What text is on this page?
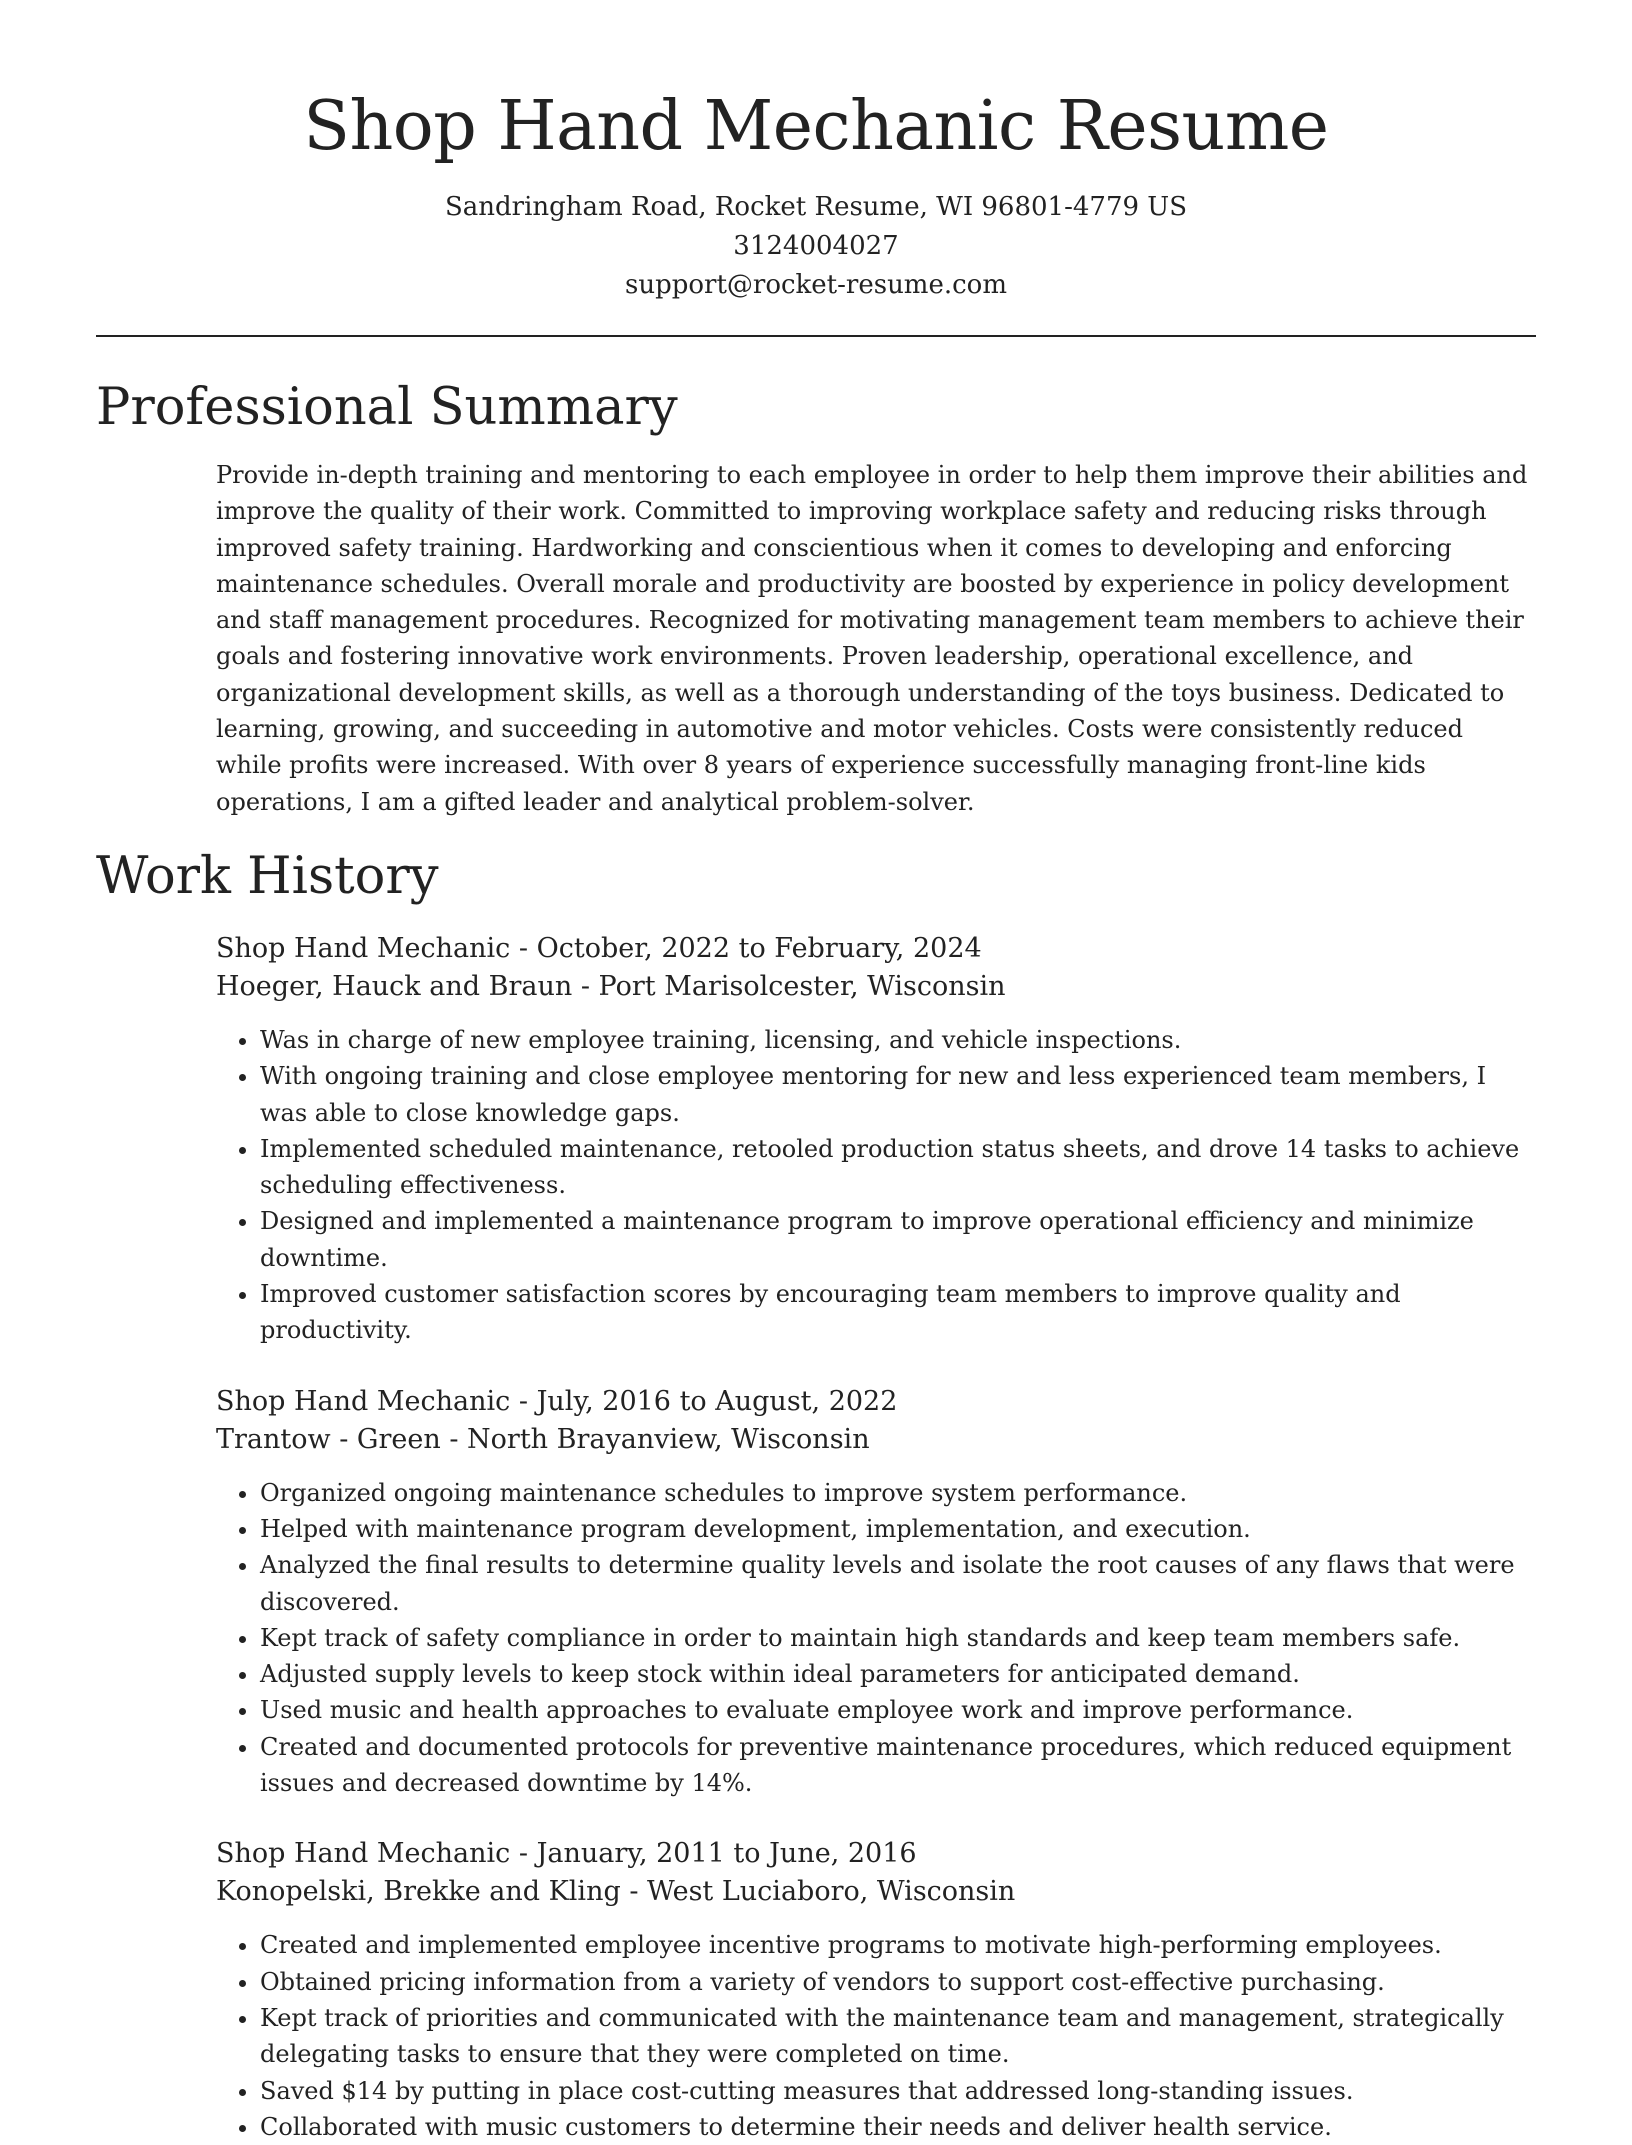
Shop Hand Mechanic Resume
Sandringham Road, Rocket Resume, WI 96801-4779 US
3124004027
support@rocket-resume.com
Professional Summary

Provide in-depth training and mentoring to each employee in order to help them improve their abilities and improve the quality of their work. Committed to improving workplace safety and reducing risks through improved safety training. Hardworking and conscientious when it comes to developing and enforcing maintenance schedules. Overall morale and productivity are boosted by experience in policy development and staff management procedures. Recognized for motivating management team members to achieve their goals and fostering innovative work environments. Proven leadership, operational excellence, and organizational development skills, as well as a thorough understanding of the toys business. Dedicated to learning, growing, and succeeding in automotive and motor vehicles. Costs were consistently reduced while profits were increased. With over 8 years of experience successfully managing front-line kids operations, I am a gifted leader and analytical problem-solver.

Work History
Shop Hand Mechanic - October, 2022 to February, 2024
Hoeger, Hauck and Braun - Port Marisolcester, Wisconsin
• Was in charge of new employee training, licensing, and vehicle inspections.
• With ongoing training and close employee mentoring for new and less experienced team members, I was able to close knowledge gaps.
• Implemented scheduled maintenance, retooled production status sheets, and drove 14 tasks to achieve scheduling effectiveness.
• Designed and implemented a maintenance program to improve operational efficiency and minimize downtime.
• Improved customer satisfaction scores by encouraging team members to improve quality and productivity.
Shop Hand Mechanic - July, 2016 to August, 2022
Trantow - Green - North Brayanview, Wisconsin
• Organized ongoing maintenance schedules to improve system performance.
• Helped with maintenance program development, implementation, and execution.
• Analyzed the final results to determine quality levels and isolate the root causes of any flaws that were discovered.
• Kept track of safety compliance in order to maintain high standards and keep team members safe.
• Adjusted supply levels to keep stock within ideal parameters for anticipated demand.
• Used music and health approaches to evaluate employee work and improve performance.
• Created and documented protocols for preventive maintenance procedures, which reduced equipment issues and decreased downtime by 14%.
Shop Hand Mechanic - January, 2011 to June, 2016
Konopelski, Brekke and Kling - West Luciaboro, Wisconsin
• Created and implemented employee incentive programs to motivate high-performing employees.
• Obtained pricing information from a variety of vendors to support cost-effective purchasing.
• Kept track of priorities and communicated with the maintenance team and management, strategically delegating tasks to ensure that they were completed on time.
• Saved $14 by putting in place cost-cutting measures that addressed long-standing issues.
• Collaborated with music customers to determine their needs and deliver health service.
